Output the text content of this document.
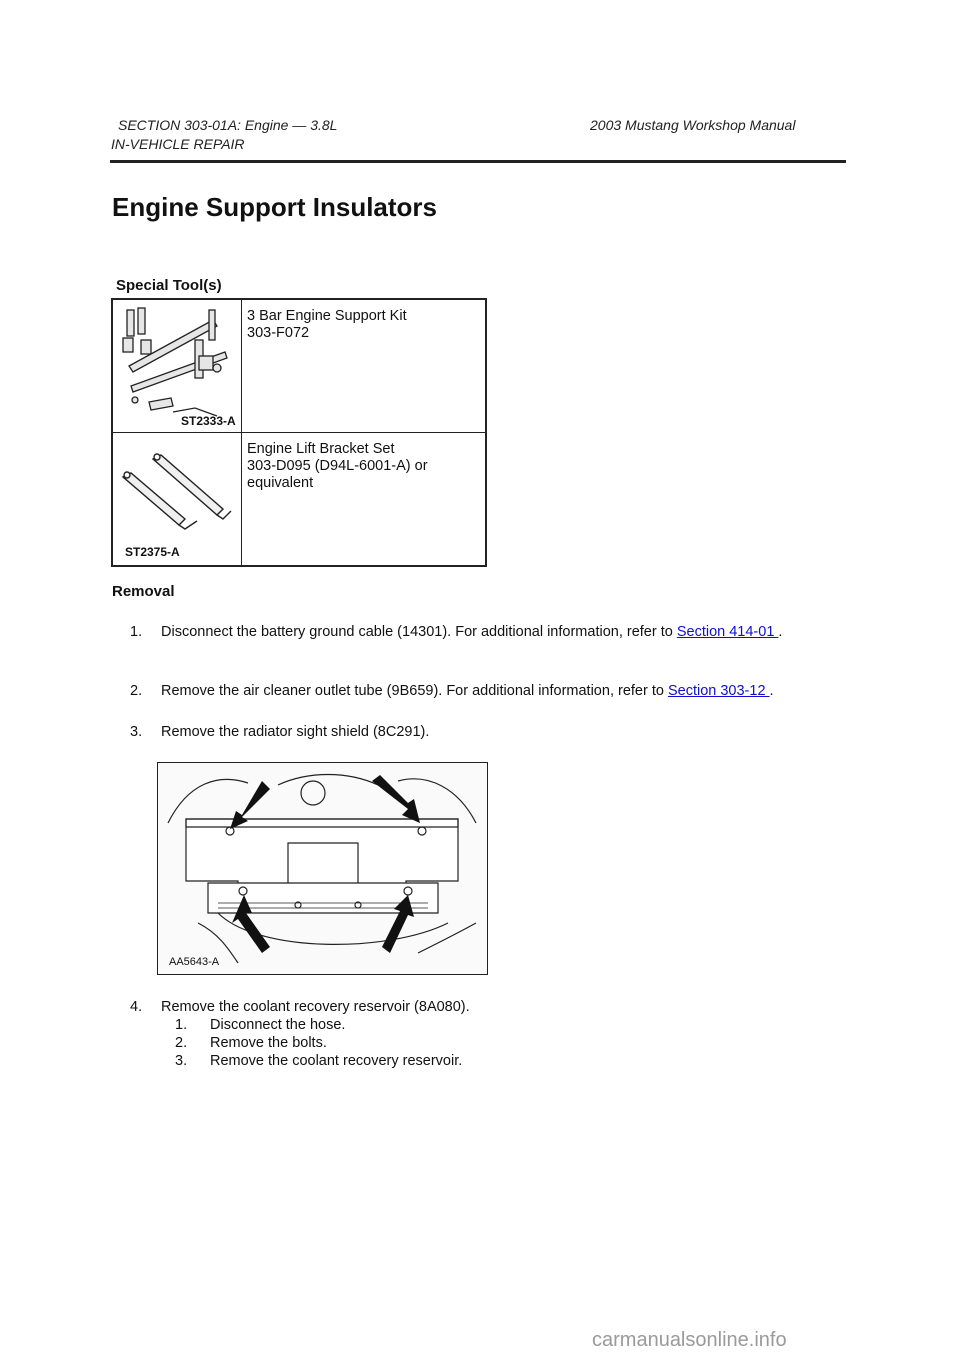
SECTION 303-01A: Engine — 3.8L	2003 Mustang Workshop Manual
IN-VEHICLE REPAIR
Engine Support Insulators
Special Tool(s)
ST2333-A	3 Bar Engine Support Kit
303-F072

ST2375-A	Engine Lift Bracket Set
303-D095 (D94L-6001-A) or
equivalent
Removal
1. Disconnect the battery ground cable (14301). For additional information, refer to Section 414-01 .
2. Remove the air cleaner outlet tube (9B659). For additional information, refer to Section 303-12 .
3. Remove the radiator sight shield (8C291).
AA5643-A
4. Remove the coolant recovery reservoir (8A080).
1. Disconnect the hose.
2. Remove the bolts.
3. Remove the coolant recovery reservoir.
carmanualsonline.info
